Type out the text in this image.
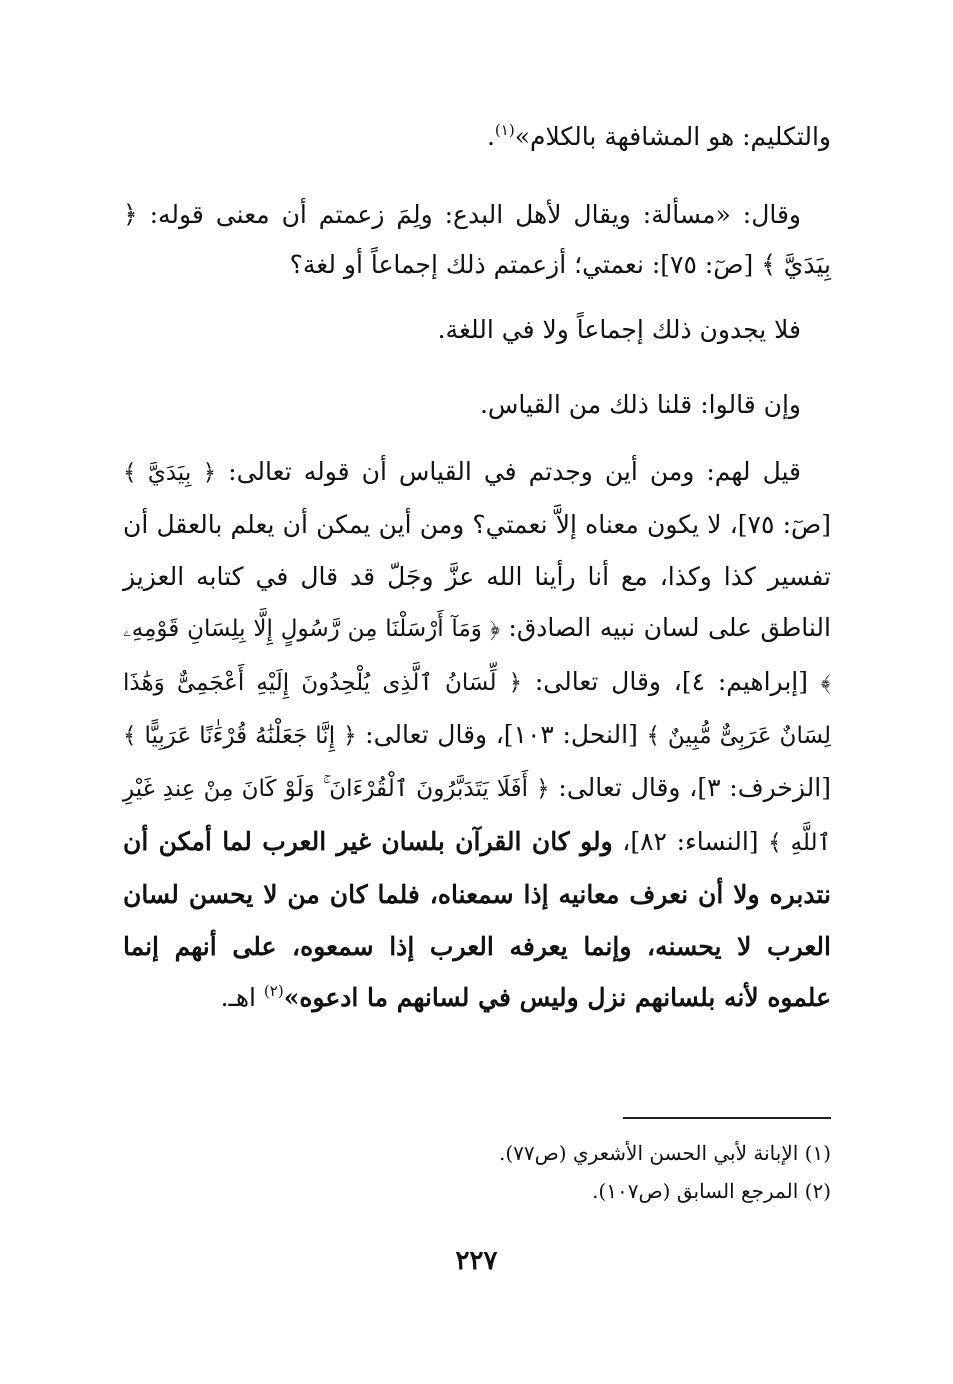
والتكليم: هو المشافهة بالكلام»$^{(١)}$.

وقال: «مسألة: ويقال لأهل البدع: ولِمَ زعمتم أن معنى قوله: ﴿ بِيَدَيَّ ﴾ [صٓ: ٧٥]: نعمتي؛ أزعمتم ذلك إجماعاً أو لغة؟

فلا يجدون ذلك إجماعاً ولا في اللغة.

وإن قالوا: قلنا ذلك من القياس.

قيل لهم: ومن أين وجدتم في القياس أن قوله تعالى: ﴿ بِيَدَيَّ ﴾ [صٓ: ٧٥]، لا يكون معناه إلاَّ نعمتي؟ ومن أين يمكن أن يعلم بالعقل أن تفسير كذا وكذا، مع أنا رأينا الله عزَّ وجَلّ قد قال في كتابه العزيز الناطق على لسان نبيه الصادق: ﴿ وَمَآ أَرْسَلْنَا مِن رَّسُولٍ إِلَّا بِلِسَانِ قَوْمِهِۦ ﴾ [إبراهيم: ٤]، وقال تعالى: ﴿ لِّسَانُ ٱلَّذِى يُلْحِدُونَ إِلَيْهِ أَعْجَمِىٌّ وَهَٰذَا لِسَانٌ عَرَبِىٌّ مُّبِينٌ ﴾ [النحل: ١٠٣]، وقال تعالى: ﴿ إِنَّا جَعَلْنَٰهُ قُرْءَٰنًا عَرَبِيًّا ﴾ [الزخرف: ٣]، وقال تعالى: ﴿ أَفَلَا يَتَدَبَّرُونَ ٱلْقُرْءَانَ ۚ وَلَوْ كَانَ مِنْ عِندِ غَيْرِ ٱللَّهِ ﴾ [النساء: ٨٢]، ولو كان القرآن بلسان غير العرب لما أمكن أن نتدبره ولا أن نعرف معانيه إذا سمعناه، فلما كان من لا يحسن لسان العرب لا يحسنه، وإنما يعرفه العرب إذا سمعوه، على أنهم إنما علموه لأنه بلسانهم نزل وليس في لسانهم ما ادعوه»$^{(٢)}$ اهـ.

(١) الإبانة لأبي الحسن الأشعري (ص٧٧).
(٢) المرجع السابق (ص١٠٧).
٢٢٧
